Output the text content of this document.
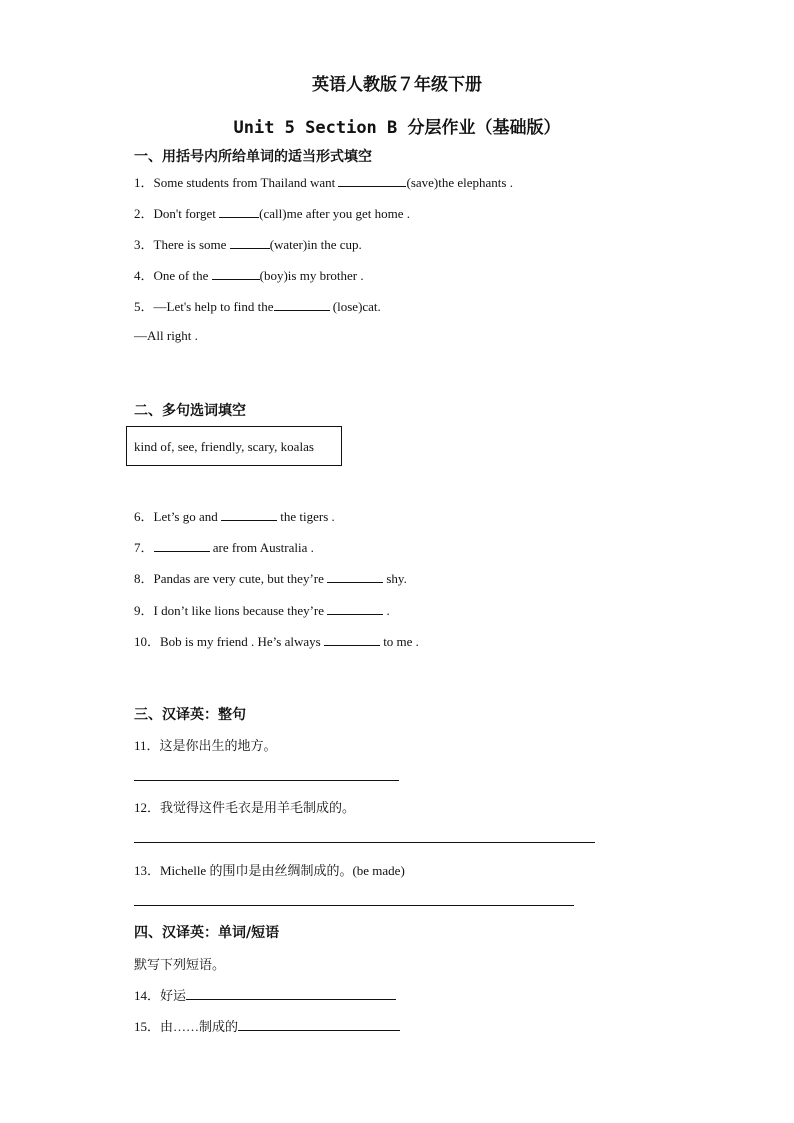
英语人教版７年级下册
Unit 5 Section B 分层作业（基础版）
一、用括号内所给单词的适当形式填空
1．Some students from Thailand want	(save)the elephants .
2．Don't forget	(call)me after you get home .
3．There is some	(water)in the cup.
4．One of the	(boy)is my brother .
5．—Let's help to find the	(lose)cat.
—All right .
二、多句选词填空
kind of, see, friendly, scary, koalas
6．Let’s go and	the tigers .
7．	are from Australia .
8．Pandas are very cute, but they’re	shy.
9．I don’t like lions because they’re	.
10．Bob is my friend . He’s always	to me .
三、汉译英：整句
11．这是你出生的地方。
12．我觉得这件毛衣是用羊毛制成的。
13．Michelle 的围巾是由丝绸制成的。(be made)
四、汉译英：单词/短语
默写下列短语。
14．好运
15．由……制成的
